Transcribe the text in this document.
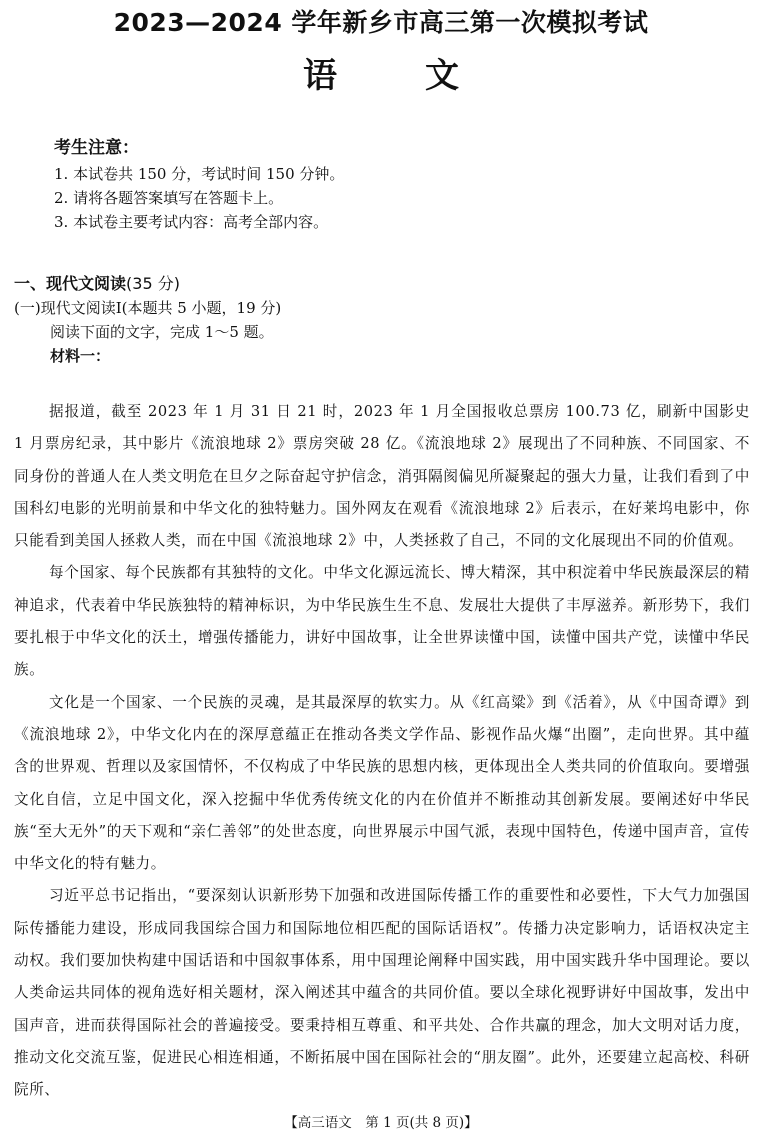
2023—2024 学年新乡市高三第一次模拟考试
语文

考生注意：

1. 本试卷共 150 分，考试时间 150 分钟。

2. 请将各题答案填写在答题卡上。

3. 本试卷主要考试内容：高考全部内容。

一、现代文阅读(35 分)

(一)现代文阅读Ⅰ(本题共 5 小题，19 分)

阅读下面的文字，完成 1～5 题。

材料一：

据报道，截至 2023 年 1 月 31 日 21 时，2023 年 1 月全国报收总票房 100.73 亿，刷新中国影史 1 月票房纪录，其中影片《流浪地球 2》票房突破 28 亿。《流浪地球 2》展现出了不同种族、不同国家、不同身份的普通人在人类文明危在旦夕之际奋起守护信念，消弭隔阂偏见所凝聚起的强大力量，让我们看到了中国科幻电影的光明前景和中华文化的独特魅力。国外网友在观看《流浪地球 2》后表示，在好莱坞电影中，你只能看到美国人拯救人类，而在中国《流浪地球 2》中，人类拯救了自己，不同的文化展现出不同的价值观。

每个国家、每个民族都有其独特的文化。中华文化源远流长、博大精深，其中积淀着中华民族最深层的精神追求，代表着中华民族独特的精神标识，为中华民族生生不息、发展壮大提供了丰厚滋养。新形势下，我们要扎根于中华文化的沃土，增强传播能力，讲好中国故事，让全世界读懂中国，读懂中国共产党，读懂中华民族。

文化是一个国家、一个民族的灵魂，是其最深厚的软实力。从《红高粱》到《活着》，从《中国奇谭》到《流浪地球 2》，中华文化内在的深厚意蕴正在推动各类文学作品、影视作品火爆“出圈”，走向世界。其中蕴含的世界观、哲理以及家国情怀，不仅构成了中华民族的思想内核，更体现出全人类共同的价值取向。要增强文化自信，立足中国文化，深入挖掘中华优秀传统文化的内在价值并不断推动其创新发展。要阐述好中华民族“至大无外”的天下观和“亲仁善邻”的处世态度，向世界展示中国气派，表现中国特色，传递中国声音，宣传中华文化的特有魅力。

习近平总书记指出，“要深刻认识新形势下加强和改进国际传播工作的重要性和必要性，下大气力加强国际传播能力建设，形成同我国综合国力和国际地位相匹配的国际话语权”。传播力决定影响力，话语权决定主动权。我们要加快构建中国话语和中国叙事体系，用中国理论阐释中国实践，用中国实践升华中国理论。要以人类命运共同体的视角选好相关题材，深入阐述其中蕴含的共同价值。要以全球化视野讲好中国故事，发出中国声音，进而获得国际社会的普遍接受。要秉持相互尊重、和平共处、合作共赢的理念，加大文明对话力度，推动文化交流互鉴，促进民心相连相通，不断拓展中国在国际社会的“朋友圈”。此外，还要建立起高校、科研院所、

【高三语文　第 1 页(共 8 页)】
